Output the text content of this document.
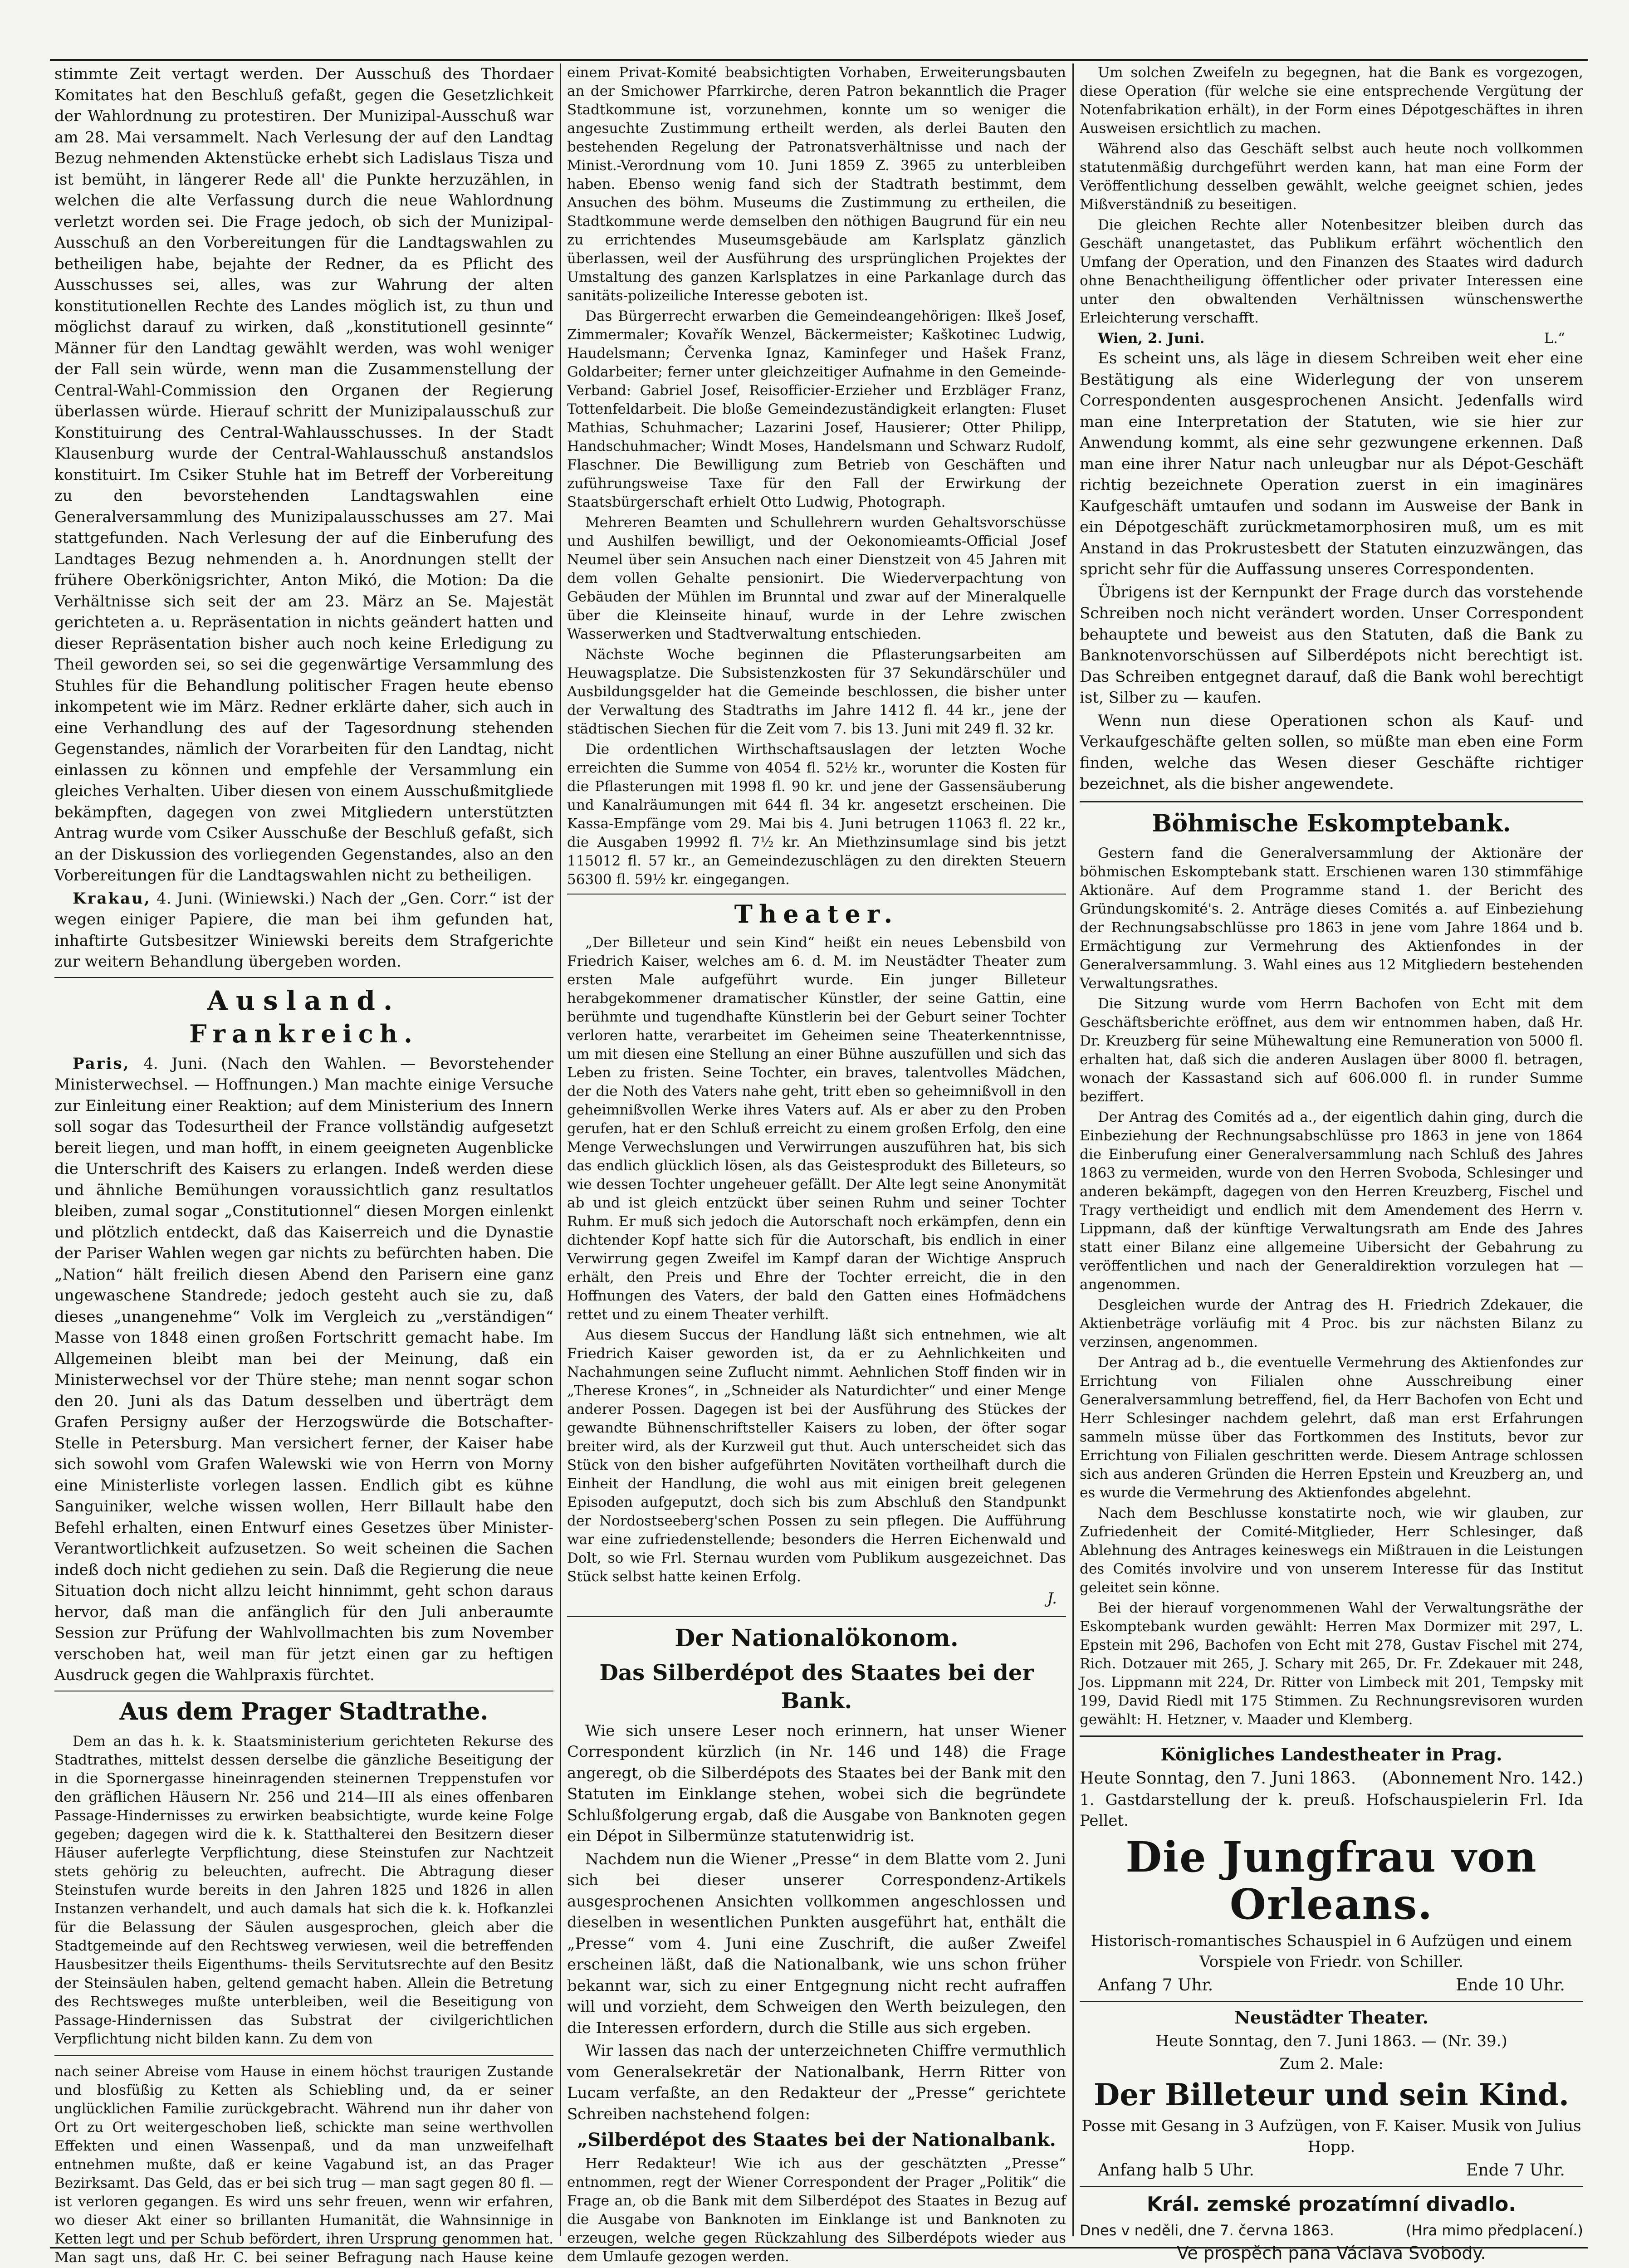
stimmte Zeit vertagt werden. Der Ausschuß des Thordaer Komitates hat den Beschluß gefaßt, gegen die Gesetzlichkeit der Wahlordnung zu protestiren. Der Munizipal-Ausschuß war am 28. Mai versammelt. Nach Verlesung der auf den Landtag Bezug nehmenden Aktenstücke erhebt sich Ladislaus Tisza und ist bemüht, in längerer Rede all' die Punkte herzuzählen, in welchen die alte Verfassung durch die neue Wahlordnung verletzt worden sei. Die Frage jedoch, ob sich der Munizipal-Ausschuß an den Vorbereitungen für die Landtagswahlen zu betheiligen habe, bejahte der Redner, da es Pflicht des Ausschusses sei, alles, was zur Wahrung der alten konstitutionellen Rechte des Landes möglich ist, zu thun und möglichst darauf zu wirken, daß „konstitutionell gesinnte“ Männer für den Landtag gewählt werden, was wohl weniger der Fall sein würde, wenn man die Zusammenstellung der Central-Wahl-Commission den Organen der Regierung überlassen würde. Hierauf schritt der Munizipalausschuß zur Konstituirung des Central-Wahlausschusses. In der Stadt Klausenburg wurde der Central-Wahlausschuß anstandslos konstituirt. Im Csiker Stuhle hat im Betreff der Vorbereitung zu den bevorstehenden Landtagswahlen eine Generalversammlung des Munizipalausschusses am 27. Mai stattgefunden. Nach Verlesung der auf die Einberufung des Landtages Bezug nehmenden a. h. Anordnungen stellt der frühere Oberkönigsrichter, Anton Mikó, die Motion: Da die Verhältnisse sich seit der am 23. März an Se. Majestät gerichteten a. u. Repräsentation in nichts geändert hatten und dieser Repräsentation bisher auch noch keine Erledigung zu Theil geworden sei, so sei die gegenwärtige Versammlung des Stuhles für die Behandlung politischer Fragen heute ebenso inkompetent wie im März. Redner erklärte daher, sich auch in eine Verhandlung des auf der Tagesordnung stehenden Gegenstandes, nämlich der Vorarbeiten für den Landtag, nicht einlassen zu können und empfehle der Versammlung ein gleiches Verhalten. Uiber diesen von einem Ausschußmitgliede bekämpften, dagegen von zwei Mitgliedern unterstützten Antrag wurde vom Csiker Ausschuße der Beschluß gefaßt, sich an der Diskussion des vorliegenden Gegenstandes, also an den Vorbereitungen für die Landtagswahlen nicht zu betheiligen.

Krakau, 4. Juni. (Winiewski.) Nach der „Gen. Corr.“ ist der wegen einiger Papiere, die man bei ihm gefunden hat, inhaftirte Gutsbesitzer Winiewski bereits dem Strafgerichte zur weitern Behandlung übergeben worden.

Ausland.
Frankreich.

Paris, 4. Juni. (Nach den Wahlen. — Bevorstehender Ministerwechsel. — Hoffnungen.) Man machte einige Versuche zur Einleitung einer Reaktion; auf dem Ministerium des Innern soll sogar das Todesurtheil der France vollständig aufgesetzt bereit liegen, und man hofft, in einem geeigneten Augenblicke die Unterschrift des Kaisers zu erlangen. Indeß werden diese und ähnliche Bemühungen voraussichtlich ganz resultatlos bleiben, zumal sogar „Constitutionnel“ diesen Morgen einlenkt und plötzlich entdeckt, daß das Kaiserreich und die Dynastie der Pariser Wahlen wegen gar nichts zu befürchten haben. Die „Nation“ hält freilich diesen Abend den Parisern eine ganz ungewaschene Standrede; jedoch gesteht auch sie zu, daß dieses „unangenehme“ Volk im Vergleich zu „verständigen“ Masse von 1848 einen großen Fortschritt gemacht habe. Im Allgemeinen bleibt man bei der Meinung, daß ein Ministerwechsel vor der Thüre stehe; man nennt sogar schon den 20. Juni als das Datum desselben und überträgt dem Grafen Persigny außer der Herzogswürde die Botschafter-Stelle in Petersburg. Man versichert ferner, der Kaiser habe sich sowohl vom Grafen Walewski wie von Herrn von Morny eine Ministerliste vorlegen lassen. Endlich gibt es kühne Sanguiniker, welche wissen wollen, Herr Billault habe den Befehl erhalten, einen Entwurf eines Gesetzes über Minister-Verantwortlichkeit aufzusetzen. So weit scheinen die Sachen indeß doch nicht gediehen zu sein. Daß die Regierung die neue Situation doch nicht allzu leicht hinnimmt, geht schon daraus hervor, daß man die anfänglich für den Juli anberaumte Session zur Prüfung der Wahlvollmachten bis zum November verschoben hat, weil man für jetzt einen gar zu heftigen Ausdruck gegen die Wahlpraxis fürchtet.

Aus dem Prager Stadtrathe.

Dem an das h. k. k. Staatsministerium gerichteten Rekurse des Stadtrathes, mittelst dessen derselbe die gänzliche Beseitigung der in die Spornergasse hineinragenden steinernen Treppenstufen vor den gräflichen Häusern Nr. 256 und 214—III als eines offenbaren Passage-Hindernisses zu erwirken beabsichtigte, wurde keine Folge gegeben; dagegen wird die k. k. Statthalterei den Besitzern dieser Häuser auferlegte Verpflichtung, diese Steinstufen zur Nachtzeit stets gehörig zu beleuchten, aufrecht. Die Abtragung dieser Steinstufen wurde bereits in den Jahren 1825 und 1826 in allen Instanzen verhandelt, und auch damals hat sich die k. k. Hofkanzlei für die Belassung der Säulen ausgesprochen, gleich aber die Stadtgemeinde auf den Rechtsweg verwiesen, weil die betreffenden Hausbesitzer theils Eigenthums- theils Servitutsrechte auf den Besitz der Steinsäulen haben, geltend gemacht haben. Allein die Betretung des Rechtsweges mußte unterbleiben, weil die Beseitigung von Passage-Hindernissen das Substrat der civilgerichtlichen Verpflichtung nicht bilden kann. Zu dem von

nach seiner Abreise vom Hause in einem höchst traurigen Zustande und blosfüßig zu Ketten als Schiebling und, da er seiner unglücklichen Familie zurückgebracht. Während nun ihr daher von Ort zu Ort weitergeschoben ließ, schickte man seine werthvollen Effekten und einen Wassenpaß, und da man unzweifelhaft entnehmen mußte, daß er keine Vagabund ist, an das Prager Bezirksamt. Das Geld, das er bei sich trug — man sagt gegen 80 fl. — ist verloren gegangen. Es wird uns sehr freuen, wenn wir erfahren, wo dieser Akt einer so brillanten Humanität, die Wahnsinnige in Ketten legt und per Schub befördert, ihren Ursprung genommen hat. Man sagt uns, daß Hr. C. bei seiner Befragung nach Hause keine

einem Privat-Komité beabsichtigten Vorhaben, Erweiterungsbauten an der Smichower Pfarrkirche, deren Patron bekanntlich die Prager Stadtkommune ist, vorzunehmen, konnte um so weniger die angesuchte Zustimmung ertheilt werden, als derlei Bauten den bestehenden Regelung der Patronatsverhältnisse und nach der Minist.-Verordnung vom 10. Juni 1859 Z. 3965 zu unterbleiben haben. Ebenso wenig fand sich der Stadtrath bestimmt, dem Ansuchen des böhm. Museums die Zustimmung zu ertheilen, die Stadtkommune werde demselben den nöthigen Baugrund für ein neu zu errichtendes Museumsgebäude am Karlsplatz gänzlich überlassen, weil der Ausführung des ursprünglichen Projektes der Umstaltung des ganzen Karlsplatzes in eine Parkanlage durch das sanitäts-polizeiliche Interesse geboten ist.

Das Bürgerrecht erwarben die Gemeindeangehörigen: Ilkeš Josef, Zimmermaler; Kovařík Wenzel, Bäckermeister; Kaškotinec Ludwig, Haudelsmann; Červenka Ignaz, Kaminfeger und Hašek Franz, Goldarbeiter; ferner unter gleichzeitiger Aufnahme in den Gemeinde-Verband: Gabriel Josef, Reisofficier-Erzieher und Erzbläger Franz, Tottenfeldarbeit. Die bloße Gemeindezuständigkeit erlangten: Fluset Mathias, Schuhmacher; Lazarini Josef, Hausierer; Otter Philipp, Handschuhmacher; Windt Moses, Handelsmann und Schwarz Rudolf, Flaschner. Die Bewilligung zum Betrieb von Geschäften und zuführungsweise Taxe für den Fall der Erwirkung der Staatsbürgerschaft erhielt Otto Ludwig, Photograph.

Mehreren Beamten und Schullehrern wurden Gehaltsvorschüsse und Aushilfen bewilligt, und der Oekonomieamts-Official Josef Neumel über sein Ansuchen nach einer Dienstzeit von 45 Jahren mit dem vollen Gehalte pensionirt. Die Wiederverpachtung von Gebäuden der Mühlen im Brunntal und zwar auf der Mineralquelle über die Kleinseite hinauf, wurde in der Lehre zwischen Wasserwerken und Stadtverwaltung entschieden.

Nächste Woche beginnen die Pflasterungsarbeiten am Heuwagsplatze. Die Subsistenzkosten für 37 Sekundärschüler und Ausbildungsgelder hat die Gemeinde beschlossen, die bisher unter der Verwaltung des Stadtraths im Jahre 1412 fl. 44 kr., jene der städtischen Siechen für die Zeit vom 7. bis 13. Juni mit 249 fl. 32 kr.

Die ordentlichen Wirthschaftsauslagen der letzten Woche erreichten die Summe von 4054 fl. 52½ kr., worunter die Kosten für die Pflasterungen mit 1998 fl. 90 kr. und jene der Gassensäuberung und Kanalräumungen mit 644 fl. 34 kr. angesetzt erscheinen. Die Kassa-Empfänge vom 29. Mai bis 4. Juni betrugen 11063 fl. 22 kr., die Ausgaben 19992 fl. 7½ kr. An Miethzinsumlage sind bis jetzt 115012 fl. 57 kr., an Gemeindezuschlägen zu den direkten Steuern 56300 fl. 59½ kr. eingegangen.

Theater.

„Der Billeteur und sein Kind“ heißt ein neues Lebensbild von Friedrich Kaiser, welches am 6. d. M. im Neustädter Theater zum ersten Male aufgeführt wurde. Ein junger Billeteur herabgekommener dramatischer Künstler, der seine Gattin, eine berühmte und tugendhafte Künstlerin bei der Geburt seiner Tochter verloren hatte, verarbeitet im Geheimen seine Theaterkenntnisse, um mit diesen eine Stellung an einer Bühne auszufüllen und sich das Leben zu fristen. Seine Tochter, ein braves, talentvolles Mädchen, der die Noth des Vaters nahe geht, tritt eben so geheimnißvoll in den geheimnißvollen Werke ihres Vaters auf. Als er aber zu den Proben gerufen, hat er den Schluß erreicht zu einem großen Erfolg, den eine Menge Verwechslungen und Verwirrungen auszuführen hat, bis sich das endlich glücklich lösen, als das Geistesprodukt des Billeteurs, so wie dessen Tochter ungeheuer gefällt. Der Alte legt seine Anonymität ab und ist gleich entzückt über seinen Ruhm und seiner Tochter Ruhm. Er muß sich jedoch die Autorschaft noch erkämpfen, denn ein dichtender Kopf hatte sich für die Autorschaft, bis endlich in einer Verwirrung gegen Zweifel im Kampf daran der Wichtige Anspruch erhält, den Preis und Ehre der Tochter erreicht, die in den Hoffnungen des Vaters, der bald den Gatten eines Hofmädchens rettet und zu einem Theater verhilft.

Aus diesem Succus der Handlung läßt sich entnehmen, wie alt Friedrich Kaiser geworden ist, da er zu Aehnlichkeiten und Nachahmungen seine Zuflucht nimmt. Aehnlichen Stoff finden wir in „Therese Krones“, in „Schneider als Naturdichter“ und einer Menge anderer Possen. Dagegen ist bei der Ausführung des Stückes der gewandte Bühnenschriftsteller Kaisers zu loben, der öfter sogar breiter wird, als der Kurzweil gut thut. Auch unterscheidet sich das Stück von den bisher aufgeführten Novitäten vortheilhaft durch die Einheit der Handlung, die wohl aus mit einigen breit gelegenen Episoden aufgeputzt, doch sich bis zum Abschluß den Standpunkt der Nordostseeberg'schen Possen zu sein pflegen. Die Aufführung war eine zufriedenstellende; besonders die Herren Eichenwald und Dolt, so wie Frl. Sternau wurden vom Publikum ausgezeichnet. Das Stück selbst hatte keinen Erfolg.

J.
Der Nationalökonom.
Das Silberdépot des Staates bei der Bank.

Wie sich unsere Leser noch erinnern, hat unser Wiener Correspondent kürzlich (in Nr. 146 und 148) die Frage angeregt, ob die Silberdépots des Staates bei der Bank mit den Statuten im Einklange stehen, wobei sich die begründete Schlußfolgerung ergab, daß die Ausgabe von Banknoten gegen ein Dépot in Silbermünze statutenwidrig ist.

Nachdem nun die Wiener „Presse“ in dem Blatte vom 2. Juni sich bei dieser unserer Correspondenz-Artikels ausgesprochenen Ansichten vollkommen angeschlossen und dieselben in wesentlichen Punkten ausgeführt hat, enthält die „Presse“ vom 4. Juni eine Zuschrift, die außer Zweifel erscheinen läßt, daß die Nationalbank, wie uns schon früher bekannt war, sich zu einer Entgegnung nicht recht aufraffen will und vorzieht, dem Schweigen den Werth beizulegen, den die Interessen erfordern, durch die Stille aus sich ergeben.

Wir lassen das nach der unterzeichneten Chiffre vermuthlich vom Generalsekretär der Nationalbank, Herrn Ritter von Lucam verfaßte, an den Redakteur der „Presse“ gerichtete Schreiben nachstehend folgen:

„Silberdépot des Staates bei der Nationalbank.

Herr Redakteur! Wie ich aus der geschätzten „Presse“ entnommen, regt der Wiener Correspondent der Prager „Politik“ die Frage an, ob die Bank mit dem Silberdépot des Staates in Bezug auf die Ausgabe von Banknoten im Einklange ist und Banknoten zu erzeugen, welche gegen Rückzahlung des Silberdépots wieder aus dem Umlaufe gezogen werden.

Um solchen Zweifeln zu begegnen, hat die Bank es vorgezogen, diese Operation (für welche sie eine entsprechende Vergütung der Notenfabrikation erhält), in der Form eines Dépotgeschäftes in ihren Ausweisen ersichtlich zu machen.

Während also das Geschäft selbst auch heute noch vollkommen statutenmäßig durchgeführt werden kann, hat man eine Form der Veröffentlichung desselben gewählt, welche geeignet schien, jedes Mißverständniß zu beseitigen.

Die gleichen Rechte aller Notenbesitzer bleiben durch das Geschäft unangetastet, das Publikum erfährt wöchentlich den Umfang der Operation, und den Finanzen des Staates wird dadurch ohne Benachtheiligung öffentlicher oder privater Interessen eine unter den obwaltenden Verhältnissen wünschenswerthe Erleichterung verschafft.

Wien, 2. Juni.	L.“

Es scheint uns, als läge in diesem Schreiben weit eher eine Bestätigung als eine Widerlegung der von unserem Correspondenten ausgesprochenen Ansicht. Jedenfalls wird man eine Interpretation der Statuten, wie sie hier zur Anwendung kommt, als eine sehr gezwungene erkennen. Daß man eine ihrer Natur nach unleugbar nur als Dépot-Geschäft richtig bezeichnete Operation zuerst in ein imaginäres Kaufgeschäft umtaufen und sodann im Ausweise der Bank in ein Dépotgeschäft zurückmetamorphosiren muß, um es mit Anstand in das Prokrustesbett der Statuten einzuzwängen, das spricht sehr für die Auffassung unseres Correspondenten.

Übrigens ist der Kernpunkt der Frage durch das vorstehende Schreiben noch nicht verändert worden. Unser Correspondent behauptete und beweist aus den Statuten, daß die Bank zu Banknotenvorschüssen auf Silberdépots nicht berechtigt ist. Das Schreiben entgegnet darauf, daß die Bank wohl berechtigt ist, Silber zu — kaufen.

Wenn nun diese Operationen schon als Kauf- und Verkaufgeschäfte gelten sollen, so müßte man eben eine Form finden, welche das Wesen dieser Geschäfte richtiger bezeichnet, als die bisher angewendete.

Böhmische Eskomptebank.

Gestern fand die Generalversammlung der Aktionäre der böhmischen Eskomptebank statt. Erschienen waren 130 stimmfähige Aktionäre. Auf dem Programme stand 1. der Bericht des Gründungskomité's. 2. Anträge dieses Comités a. auf Einbeziehung der Rechnungsabschlüsse pro 1863 in jene vom Jahre 1864 und b. Ermächtigung zur Vermehrung des Aktienfondes in der Generalversammlung. 3. Wahl eines aus 12 Mitgliedern bestehenden Verwaltungsrathes.

Die Sitzung wurde vom Herrn Bachofen von Echt mit dem Geschäftsberichte eröffnet, aus dem wir entnommen haben, daß Hr. Dr. Kreuzberg für seine Mühewaltung eine Remuneration von 5000 fl. erhalten hat, daß sich die anderen Auslagen über 8000 fl. betragen, wonach der Kassastand sich auf 606.000 fl. in runder Summe beziffert.

Der Antrag des Comités ad a., der eigentlich dahin ging, durch die Einbeziehung der Rechnungsabschlüsse pro 1863 in jene von 1864 die Einberufung einer Generalversammlung nach Schluß des Jahres 1863 zu vermeiden, wurde von den Herren Svoboda, Schlesinger und anderen bekämpft, dagegen von den Herren Kreuzberg, Fischel und Tragy vertheidigt und endlich mit dem Amendement des Herrn v. Lippmann, daß der künftige Verwaltungsrath am Ende des Jahres statt einer Bilanz eine allgemeine Uibersicht der Gebahrung zu veröffentlichen und nach der Generaldirektion vorzulegen hat — angenommen.

Desgleichen wurde der Antrag des H. Friedrich Zdekauer, die Aktienbeträge vorläufig mit 4 Proc. bis zur nächsten Bilanz zu verzinsen, angenommen.

Der Antrag ad b., die eventuelle Vermehrung des Aktienfondes zur Errichtung von Filialen ohne Ausschreibung einer Generalversammlung betreffend, fiel, da Herr Bachofen von Echt und Herr Schlesinger nachdem gelehrt, daß man erst Erfahrungen sammeln müsse über das Fortkommen des Instituts, bevor zur Errichtung von Filialen geschritten werde. Diesem Antrage schlossen sich aus anderen Gründen die Herren Epstein und Kreuzberg an, und es wurde die Vermehrung des Aktienfondes abgelehnt.

Nach dem Beschlusse konstatirte noch, wie wir glauben, zur Zufriedenheit der Comité-Mitglieder, Herr Schlesinger, daß Ablehnung des Antrages keineswegs ein Mißtrauen in die Leistungen des Comités involvire und von unserem Interesse für das Institut geleitet sein könne.

Bei der hierauf vorgenommenen Wahl der Verwaltungsräthe der Eskomptebank wurden gewählt: Herren Max Dormizer mit 297, L. Epstein mit 296, Bachofen von Echt mit 278, Gustav Fischel mit 274, Rich. Dotzauer mit 265, J. Schary mit 265, Dr. Fr. Zdekauer mit 248, Jos. Lippmann mit 224, Dr. Ritter von Limbeck mit 201, Tempsky mit 199, David Riedl mit 175 Stimmen. Zu Rechnungsrevisoren wurden gewählt: H. Hetzner, v. Maader und Klemberg.

Königliches Landestheater in Prag.
Heute Sonntag, den 7. Juni 1863. (Abonnement Nro. 142.)

1. Gastdarstellung der k. preuß. Hofschauspielerin Frl. Ida Pellet.

Die Jungfrau von Orleans.

Historisch-romantisches Schauspiel in 6 Aufzügen und einem Vorspiele von Friedr. von Schiller.

Anfang 7 Uhr.	Ende 10 Uhr.
Neustädter Theater.

Heute Sonntag, den 7. Juni 1863. — (Nr. 39.)

Zum 2. Male:

Der Billeteur und sein Kind.

Posse mit Gesang in 3 Aufzügen, von F. Kaiser. Musik von Julius Hopp.

Anfang halb 5 Uhr.	Ende 7 Uhr.
Král. zemské prozatímní divadlo.
Dnes v neděli, dne 7. června 1863.	(Hra mimo předplacení.)

Ve prospěch pana Václava Svobody.
